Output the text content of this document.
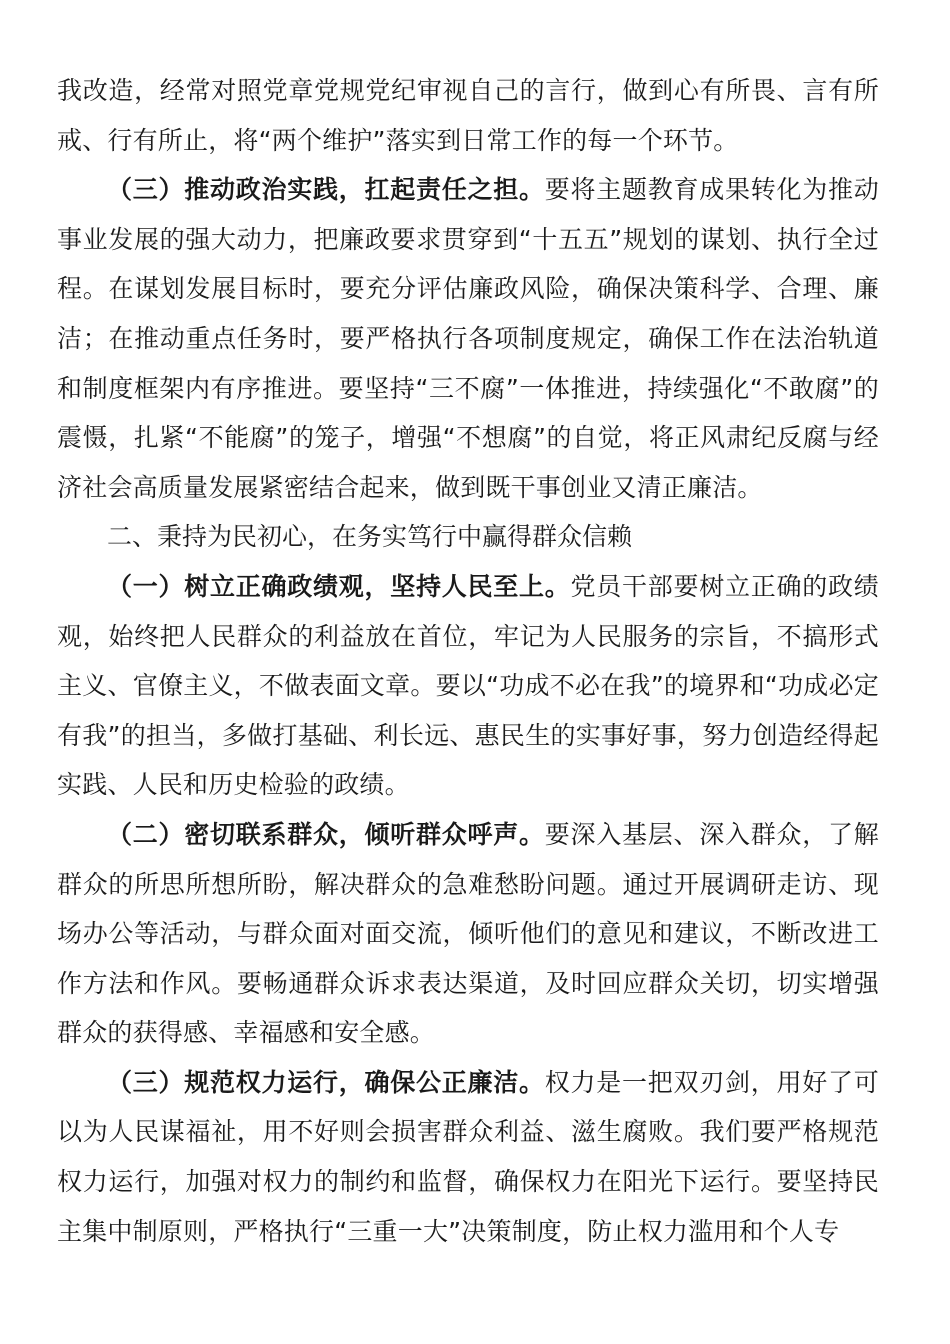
我改造，经常对照党章党规党纪审视自己的言行，做到心有所畏、言有所戒、行有所止，将“两个维护”落实到日常工作的每一个环节。

（三）推动政治实践，扛起责任之担。要将主题教育成果转化为推动事业发展的强大动力，把廉政要求贯穿到“十五五”规划的谋划、执行全过程。在谋划发展目标时，要充分评估廉政风险，确保决策科学、合理、廉洁；在推动重点任务时，要严格执行各项制度规定，确保工作在法治轨道和制度框架内有序推进。要坚持“三不腐”一体推进，持续强化“不敢腐”的震慑，扎紧“不能腐”的笼子，增强“不想腐”的自觉，将正风肃纪反腐与经济社会高质量发展紧密结合起来，做到既干事创业又清正廉洁。

二、秉持为民初心，在务实笃行中赢得群众信赖

（一）树立正确政绩观，坚持人民至上。党员干部要树立正确的政绩观，始终把人民群众的利益放在首位，牢记为人民服务的宗旨，不搞形式主义、官僚主义，不做表面文章。要以“功成不必在我”的境界和“功成必定有我”的担当，多做打基础、利长远、惠民生的实事好事，努力创造经得起实践、人民和历史检验的政绩。

（二）密切联系群众，倾听群众呼声。要深入基层、深入群众，了解群众的所思所想所盼，解决群众的急难愁盼问题。通过开展调研走访、现场办公等活动，与群众面对面交流，倾听他们的意见和建议，不断改进工作方法和作风。要畅通群众诉求表达渠道，及时回应群众关切，切实增强群众的获得感、幸福感和安全感。

（三）规范权力运行，确保公正廉洁。权力是一把双刃剑，用好了可以为人民谋福祉，用不好则会损害群众利益、滋生腐败。我们要严格规范权力运行，加强对权力的制约和监督，确保权力在阳光下运行。要坚持民主集中制原则，严格执行“三重一大”决策制度，防止权力滥用和个人专
